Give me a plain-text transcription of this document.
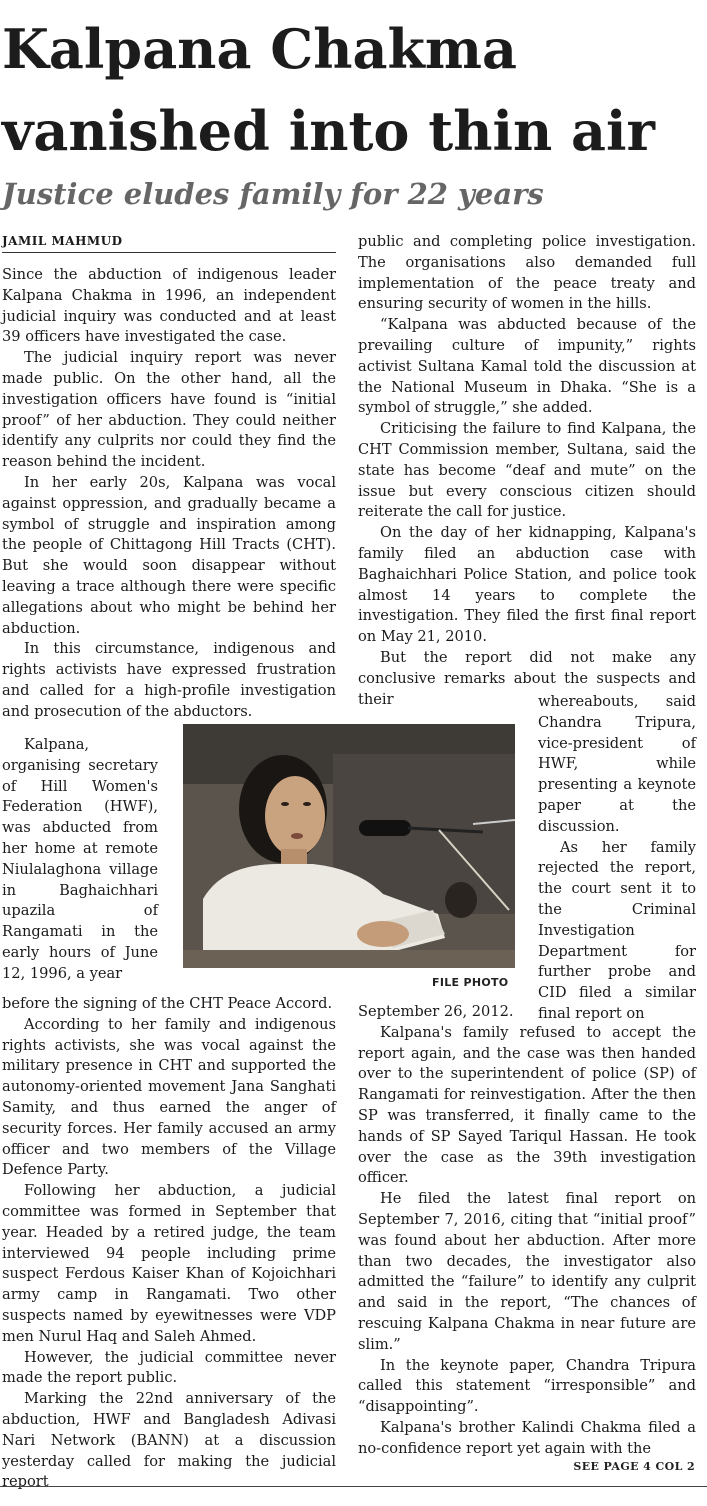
Kalpana Chakma vanished into thin air
Justice eludes family for 22 years
JAMIL MAHMUD

Since the abduction of indigenous leader Kalpana Chakma in 1996, an independent judicial inquiry was conducted and at least 39 officers have investigated the case.

The judicial inquiry report was never made public. On the other hand, all the investigation officers have found is “initial proof” of her abduction. They could neither identify any culprits nor could they find the reason behind the incident.

In her early 20s, Kalpana was vocal against oppression, and gradually became a symbol of struggle and inspiration among the people of Chittagong Hill Tracts (CHT). But she would soon disappear without leaving a trace although there were specific allegations about who might be behind her abduction.

In this circumstance, indigenous and rights activists have expressed frustration and called for a high-profile investigation and prosecution of the abductors.

Kalpana, organising secretary of Hill Women's Federation (HWF), was abducted from her home at remote Niulalaghona village in Baghaichhari upazila of Rangamati in the early hours of June 12, 1996, a year

before the signing of the CHT Peace Accord.

According to her family and indigenous rights activists, she was vocal against the military presence in CHT and supported the autonomy-oriented movement Jana Sanghati Samity, and thus earned the anger of security forces. Her family accused an army officer and two members of the Village Defence Party.

Following her abduction, a judicial committee was formed in September that year. Headed by a retired judge, the team interviewed 94 people including prime suspect Ferdous Kaiser Khan of Kojoichhari army camp in Rangamati. Two other suspects named by eyewitnesses were VDP men Nurul Haq and Saleh Ahmed.

However, the judicial committee never made the report public.

Marking the 22nd anniversary of the abduction, HWF and Bangladesh Adivasi Nari Network (BANN) at a discussion yesterday called for making the judicial report

public and completing police investigation. The organisations also demanded full implementation of the peace treaty and ensuring security of women in the hills.

“Kalpana was abducted because of the prevailing culture of impunity,” rights activist Sultana Kamal told the discussion at the National Museum in Dhaka. “She is a symbol of struggle,” she added.

Criticising the failure to find Kalpana, the CHT Commission member, Sultana, said the state has become “deaf and mute” on the issue but every conscious citizen should reiterate the call for justice.

On the day of her kidnapping, Kalpana's family filed an abduction case with Baghaichhari Police Station, and police took almost 14 years to complete the investigation. They filed the first final report on May 21, 2010.

But the report did not make any conclusive remarks about the suspects and their	whereabouts, said Chandra Tripura, vice-president of HWF, while presenting a keynote paper at the discussion.

As her family rejected the report, the court sent it to the Criminal Investigation Department for further probe and CID filed a similar final report on

September 26, 2012.

Kalpana's family refused to accept the report again, and the case was then handed over to the superintendent of police (SP) of Rangamati for reinvestigation. After the then SP was transferred, it finally came to the hands of SP Sayed Tariqul Hassan. He took over the case as the 39th investigation officer.

He filed the latest final report on September 7, 2016, citing that “initial proof” was found about her abduction. After more than two decades, the investigator also admitted the “failure” to identify any culprit and said in the report, “The chances of rescuing Kalpana Chakma in near future are slim.”

In the keynote paper, Chandra Tripura called this statement “irresponsible” and “disappointing”.

Kalpana's brother Kalindi Chakma filed a no-confidence report yet again with the

FILE PHOTO
SEE PAGE 4 COL 2
